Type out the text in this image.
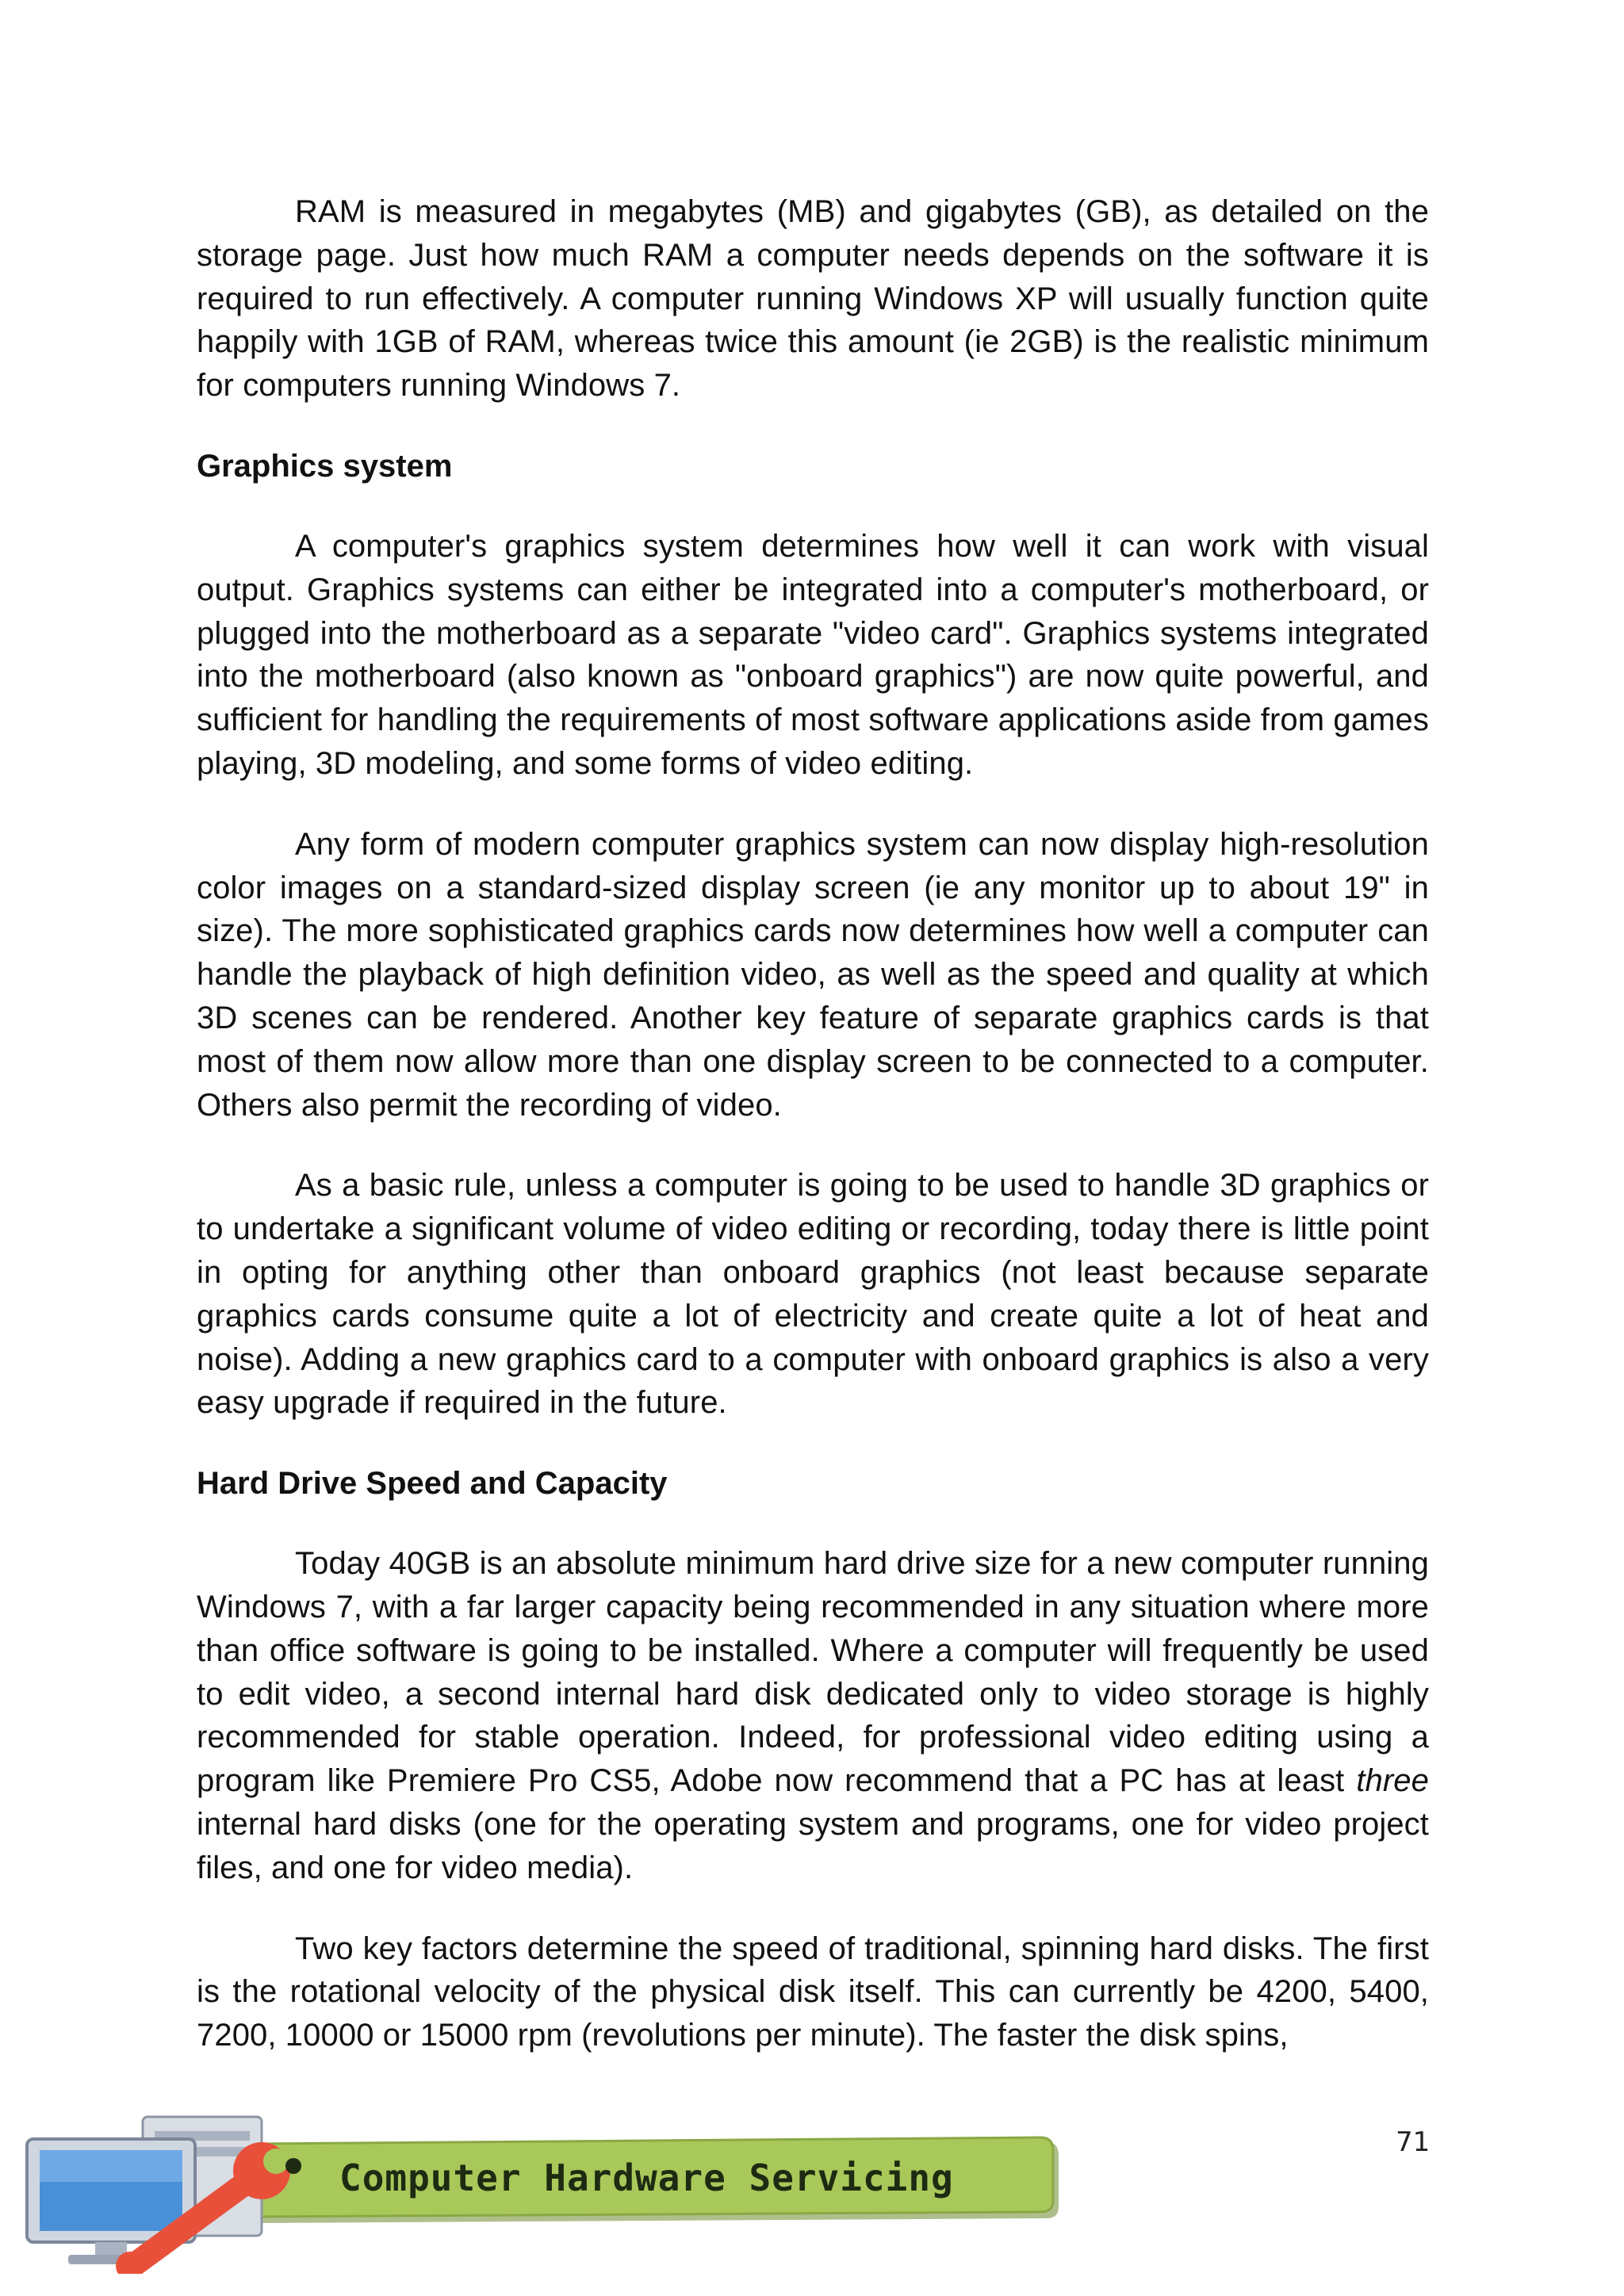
RAM is measured in megabytes (MB) and gigabytes (GB), as detailed on the storage page. Just how much RAM a computer needs depends on the software it is required to run effectively. A computer running Windows XP will usually function quite happily with 1GB of RAM, whereas twice this amount (ie 2GB) is the realistic minimum for computers running Windows 7.

Graphics system

A computer's graphics system determines how well it can work with visual output. Graphics systems can either be integrated into a computer's motherboard, or plugged into the motherboard as a separate "video card". Graphics systems integrated into the motherboard (also known as "onboard graphics") are now quite powerful, and sufficient for handling the requirements of most software applications aside from games playing, 3D modeling, and some forms of video editing.

Any form of modern computer graphics system can now display high-resolution color images on a standard-sized display screen (ie any monitor up to about 19" in size). The more sophisticated graphics cards now determines how well a computer can handle the playback of high definition video, as well as the speed and quality at which 3D scenes can be rendered. Another key feature of separate graphics cards is that most of them now allow more than one display screen to be connected to a computer. Others also permit the recording of video.

As a basic rule, unless a computer is going to be used to handle 3D graphics or to undertake a significant volume of video editing or recording, today there is little point in opting for anything other than onboard graphics (not least because separate graphics cards consume quite a lot of electricity and create quite a lot of heat and noise). Adding a new graphics card to a computer with onboard graphics is also a very easy upgrade if required in the future.

Hard Drive Speed and Capacity

Today 40GB is an absolute minimum hard drive size for a new computer running Windows 7, with a far larger capacity being recommended in any situation where more than office software is going to be installed. Where a computer will frequently be used to edit video, a second internal hard disk dedicated only to video storage is highly recommended for stable operation. Indeed, for professional video editing using a program like Premiere Pro CS5, Adobe now recommend that a PC has at least three internal hard disks (one for the operating system and programs, one for video project files, and one for video media).

Two key factors determine the speed of traditional, spinning hard disks. The first is the rotational velocity of the physical disk itself. This can currently be 4200, 5400, 7200, 10000 or 15000 rpm (revolutions per minute). The faster the disk spins,

71
Computer Hardware Servicing
